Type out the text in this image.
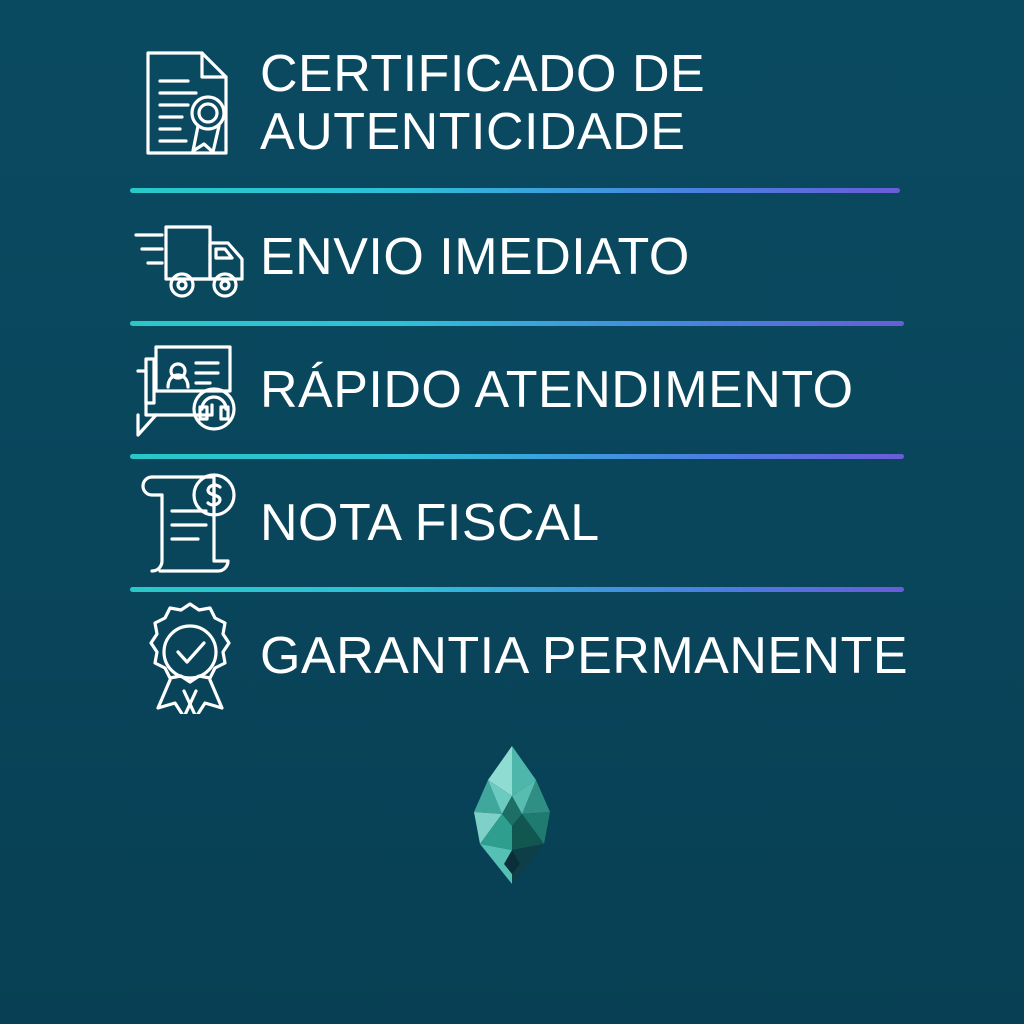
CERTIFICADO DE
AUTENTICIDADE
ENVIO IMEDIATO
RÁPIDO ATENDIMENTO
NOTA FISCAL
GARANTIA PERMANENTE
